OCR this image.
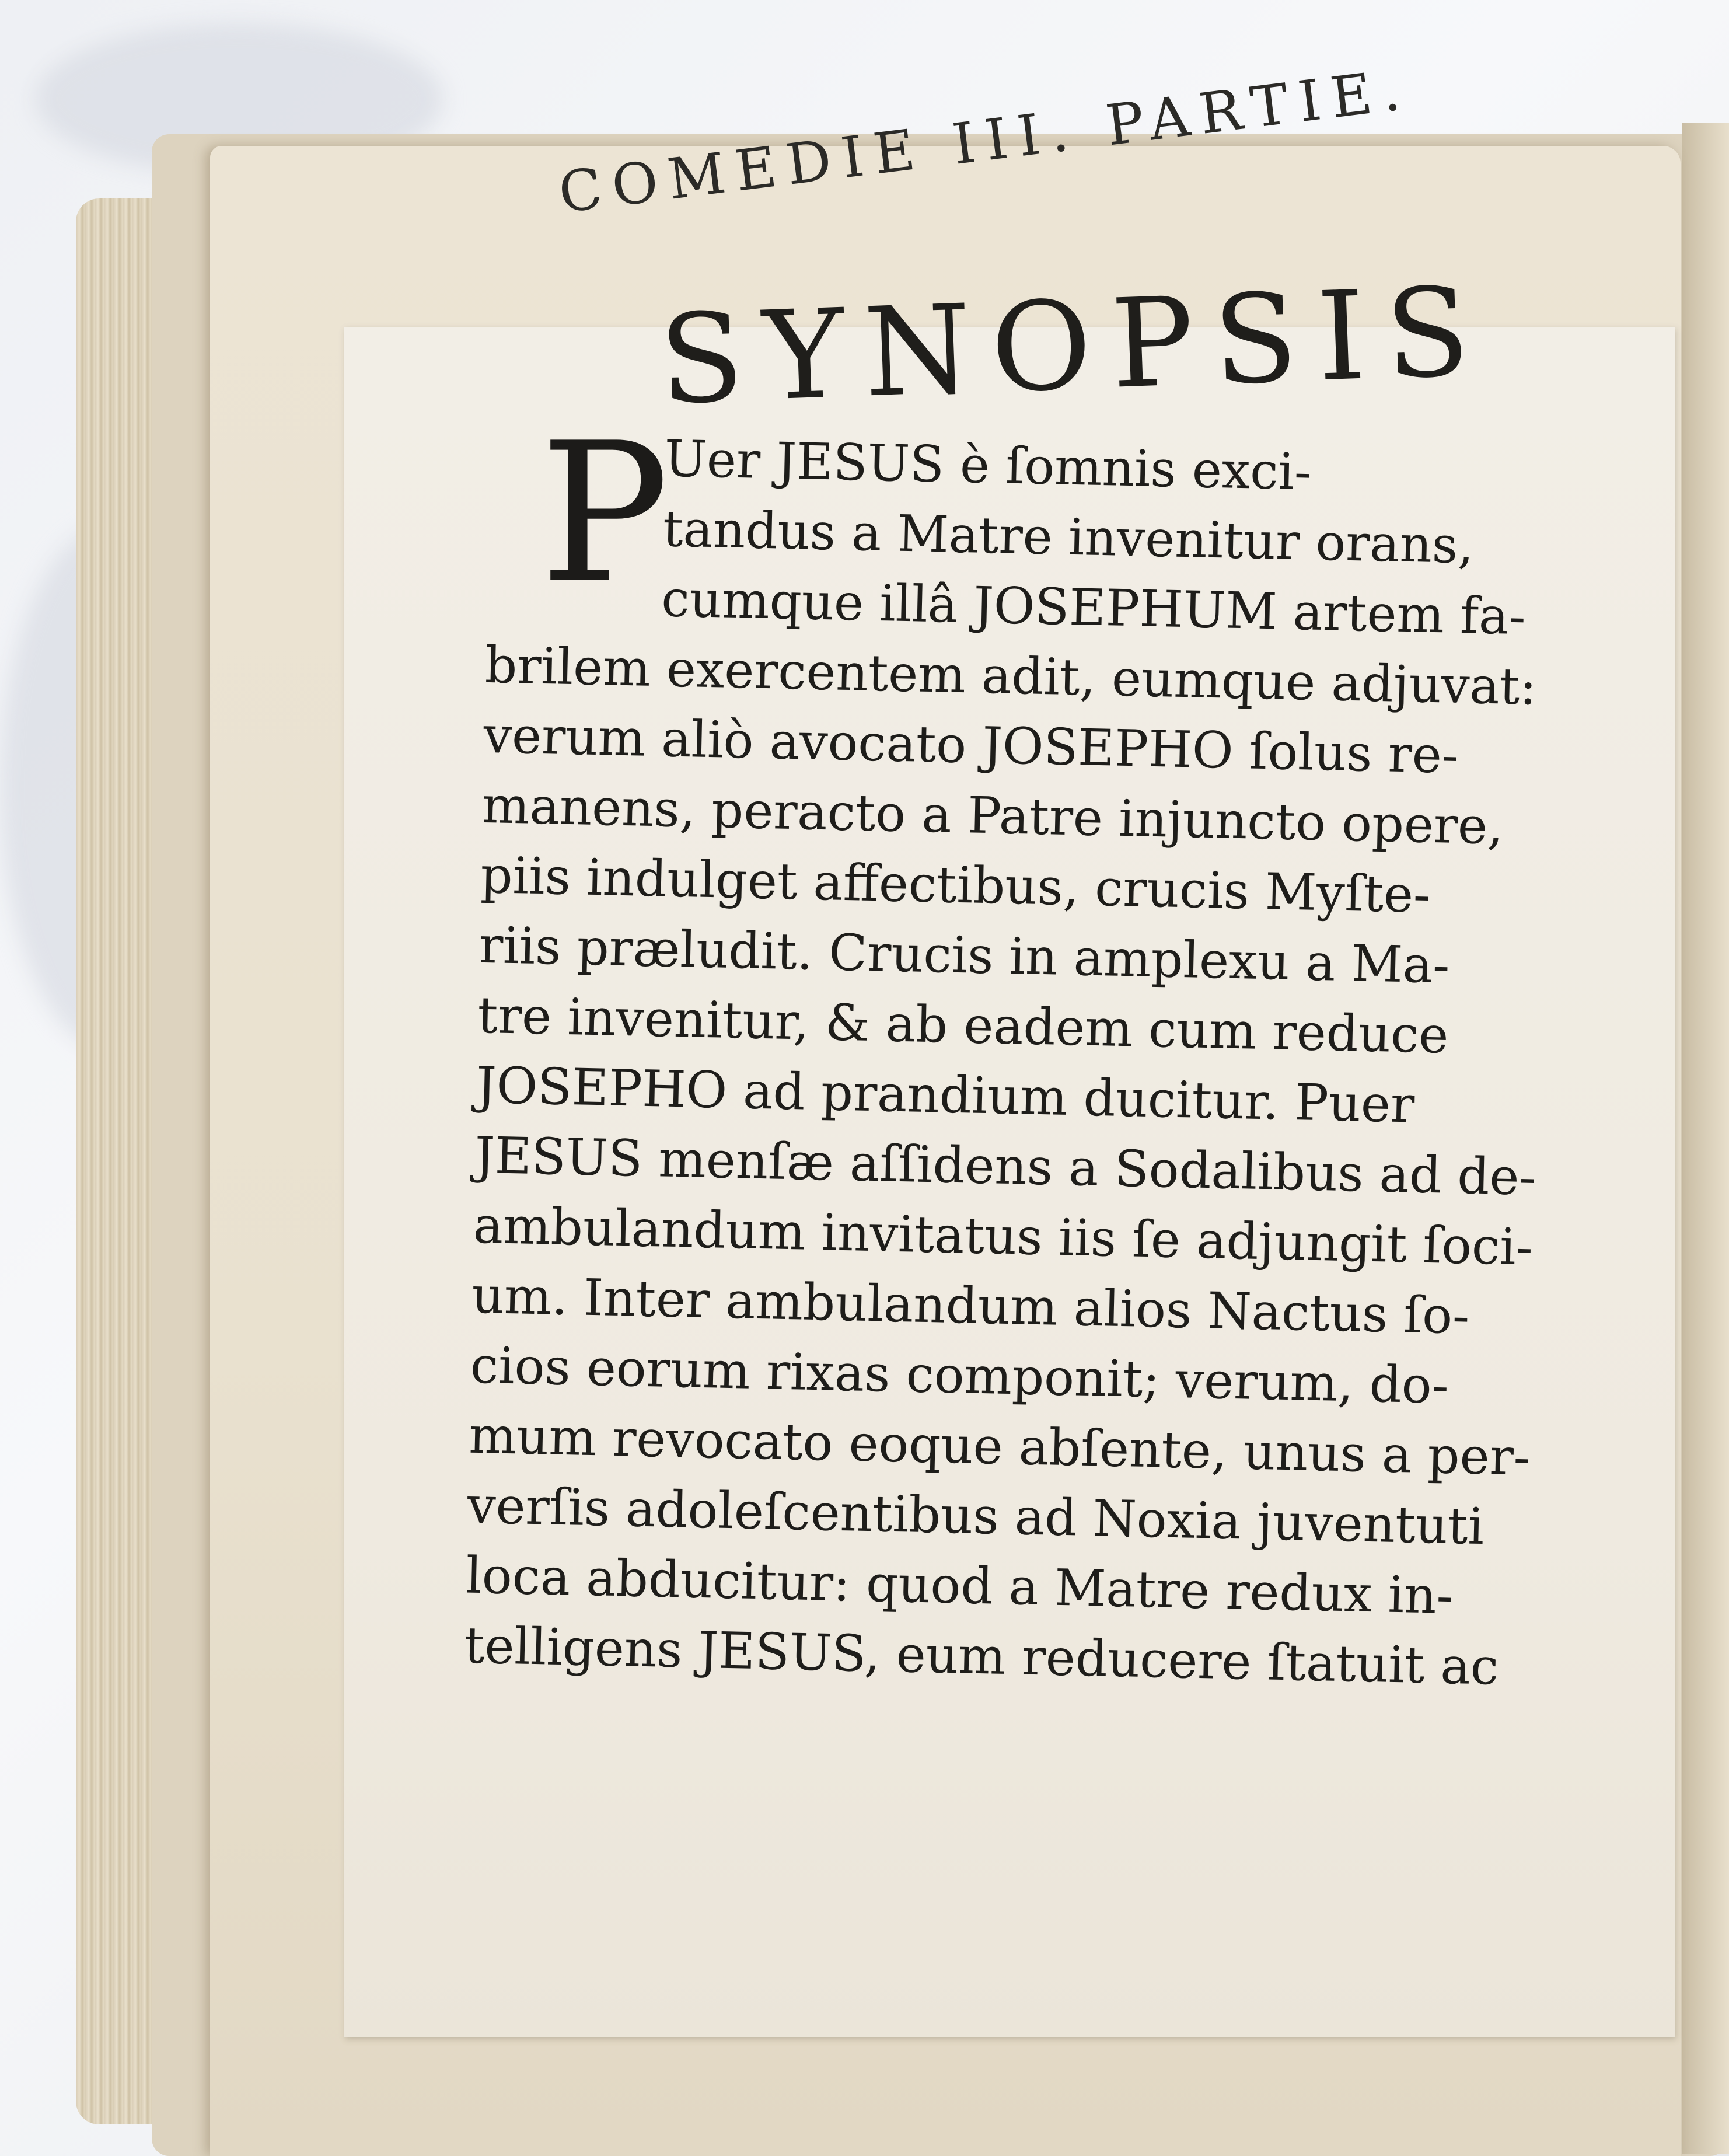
COMEDIE III. PARTIE.
SYNOPSIS
P
Uer JESUS è ſomnis exci-
tandus a Matre invenitur orans,
cumque illâ JOSEPHUM artem fa-
brilem exercentem adit, eumque adjuvat:
verum aliò avocato JOSEPHO ſolus re-
manens, peracto a Patre injuncto opere,
piis indulget affectibus, crucis Myſte-
riis præludit. Crucis in amplexu a Ma-
tre invenitur, & ab eadem cum reduce
JOSEPHO ad prandium ducitur. Puer
JESUS menſæ aſſidens a Sodalibus ad de-
ambulandum invitatus iis ſe adjungit ſoci-
um. Inter ambulandum alios Nactus ſo-
cios eorum rixas componit; verum, do-
mum revocato eoque abſente, unus a per-
verſis adoleſcentibus ad Noxia juventuti
loca abducitur: quod a Matre redux in-
telligens JESUS, eum reducere ſtatuit ac
